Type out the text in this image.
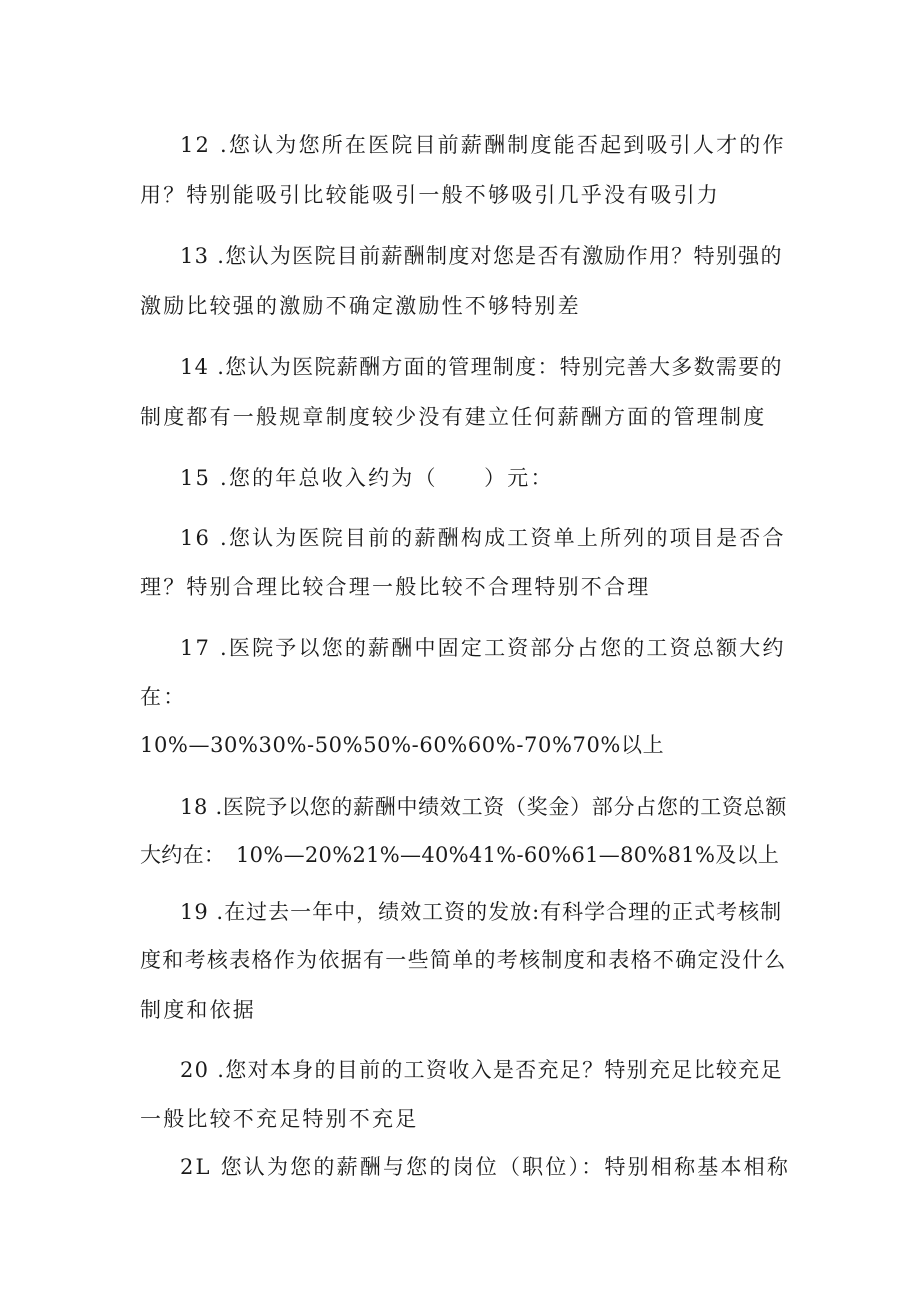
12 .您认为您所在医院目前薪酬制度能否起到吸引人才的作
用？特别能吸引比较能吸引一般不够吸引几乎没有吸引力
13 .您认为医院目前薪酬制度对您是否有激励作用？特别强的
激励比较强的激励不确定激励性不够特别差
14 .您认为医院薪酬方面的管理制度：特别完善大多数需要的
制度都有一般规章制度较少没有建立任何薪酬方面的管理制度
15 .您的年总收入约为（　　）元：
16 .您认为医院目前的薪酬构成工资单上所列的项目是否合
理？特别合理比较合理一般比较不合理特别不合理
17 .医院予以您的薪酬中固定工资部分占您的工资总额大约
在：
10%—30%30%-50%50%-60%60%-70%70%以上
18 .医院予以您的薪酬中绩效工资（奖金）部分占您的工资总额
大约在：　10%—20%21%—40%41%-60%61—80%81%及以上
19 .在过去一年中，绩效工资的发放:有科学合理的正式考核制
度和考核表格作为依据有一些简单的考核制度和表格不确定没什么
制度和依据
20 .您对本身的目前的工资收入是否充足？特别充足比较充足
一般比较不充足特别不充足
2L 您认为您的薪酬与您的岗位（职位）：特别相称基本相称
